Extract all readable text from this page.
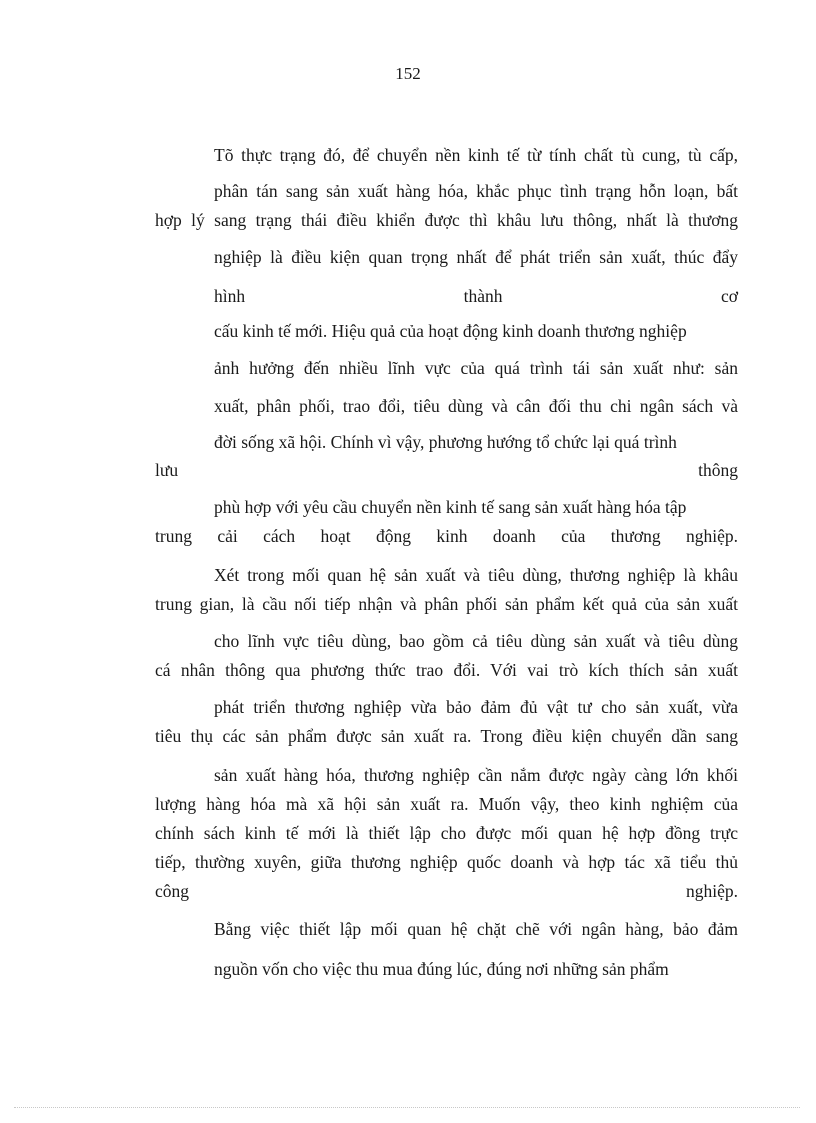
152
Tõ thực trạng đó, để chuyển nền kinh tế từ tính chất tù cung, tù cấp,
phân tán sang sản xuất hàng hóa, khắc phục tình trạng hỗn loạn, bất
hợp lý sang trạng thái điều khiển được thì khâu lưu thông, nhất là thương
nghiệp là điều kiện quan trọng nhất để phát triển sản xuất, thúc đẩy
hình thành cơ
cấu kinh tế mới. Hiệu quả của hoạt động kinh doanh thương nghiệp
ảnh hưởng đến nhiều lĩnh vực của quá trình tái sản xuất như: sản
xuất, phân phối, trao đổi, tiêu dùng và cân đối thu chi ngân sách và
đời sống xã hội. Chính vì vậy, phương hướng tổ chức lại quá trình
lưu thông
phù hợp với yêu cầu chuyển nền kinh tế sang sản xuất hàng hóa tập
trung cải cách hoạt động kinh doanh của thương nghiệp.
Xét trong mối quan hệ sản xuất và tiêu dùng, thương nghiệp là khâu
trung gian, là cầu nối tiếp nhận và phân phối sản phẩm kết quả của sản xuất
cho lĩnh vực tiêu dùng, bao gồm cả tiêu dùng sản xuất và tiêu dùng
cá nhân thông qua phương thức trao đổi. Với vai trò kích thích sản xuất
phát triển thương nghiệp vừa bảo đảm đủ vật tư cho sản xuất, vừa
tiêu thụ các sản phẩm được sản xuất ra. Trong điều kiện chuyển dần sang
sản xuất hàng hóa, thương nghiệp cần nắm được ngày càng lớn khối
lượng hàng hóa mà xã hội sản xuất ra. Muốn vậy, theo kinh nghiệm của
chính sách kinh tế mới là thiết lập cho được mối quan hệ hợp đồng trực
tiếp, thường xuyên, giữa thương nghiệp quốc doanh và hợp tác xã tiểu thủ
công nghiệp.
Bằng việc thiết lập mối quan hệ chặt chẽ với ngân hàng, bảo đảm
nguồn vốn cho việc thu mua đúng lúc, đúng nơi những sản phẩm
